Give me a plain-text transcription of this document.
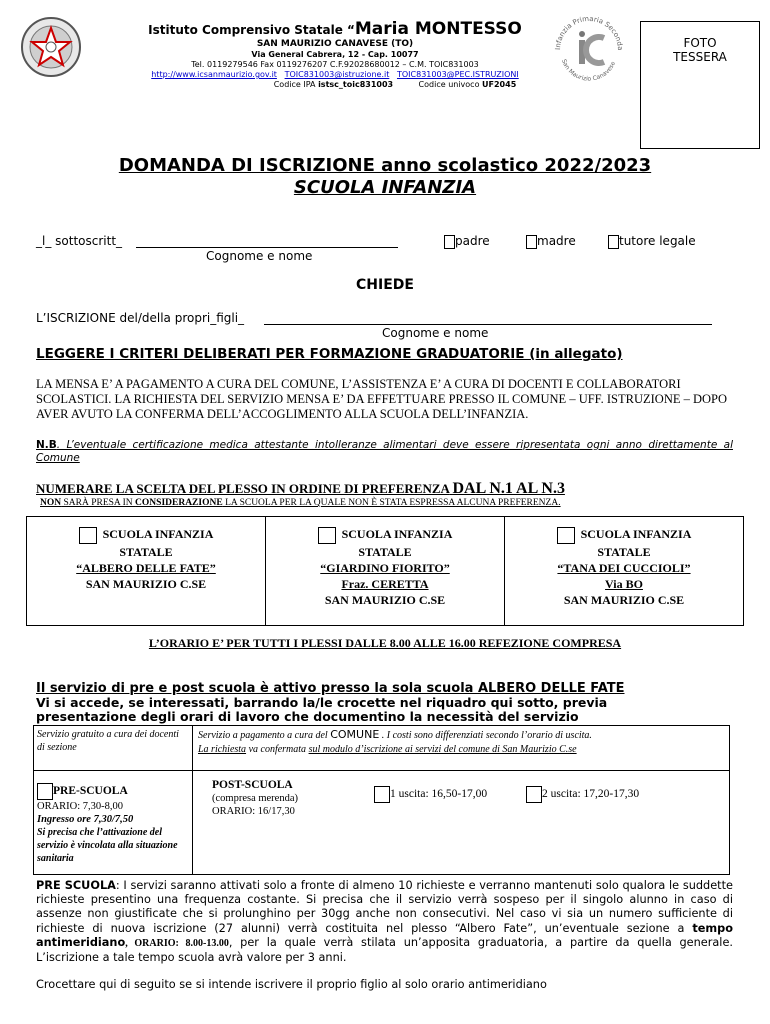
Istituto Comprensivo Statale “Maria MONTESSO
SAN MAURIZIO CANAVESE (TO)
Via General Cabrera, 12 - Cap. 10077
Tel. 0119279546 Fax 0119276207 C.F.92028680012 – C.M. TOIC831003
http://www.icsanmaurizio.gov.it TOIC831003@istruzione.it TOIC831003@PEC.ISTRUZIONI
Codice IPA istsc_toic831003	Codice univoco UF2045
Infanzia Primaria Seconda
San Maurizio Canavese
FOTO
TESSERA
DOMANDA DI ISCRIZIONE anno scolastico 2022/2023
SCUOLA INFANZIA
_l_ sottoscritt_
Cognome e nome
padre	madre	tutore legale
CHIEDE
L’ISCRIZIONE del/della propri_figli_
Cognome e nome
LEGGERE I CRITERI DELIBERATI PER FORMAZIONE GRADUATORIE (in allegato)
LA MENSA E’ A PAGAMENTO A CURA DEL COMUNE, L’ASSISTENZA E’ A CURA DI DOCENTI E COLLABORATORI SCOLASTICI. LA RICHIESTA DEL SERVIZIO MENSA E’ DA EFFETTUARE PRESSO IL COMUNE – UFF. ISTRUZIONE – DOPO AVER AVUTO LA CONFERMA DELL’ACCOGLIMENTO ALLA SCUOLA DELL’INFANZIA.
N.B. L’eventuale certificazione medica attestante intolleranze alimentari deve essere ripresentata ogni anno direttamente al Comune
NUMERARE LA SCELTA DEL PLESSO IN ORDINE DI PREFERENZA DAL N.1 AL N.3
NON SARÀ PRESA IN CONSIDERAZIONE LA SCUOLA PER LA QUALE NON È STATA ESPRESSA ALCUNA PREFERENZA.
SCUOLA INFANZIA
STATALE
“ALBERO DELLE FATE”
SAN MAURIZIO C.SE
SCUOLA INFANZIA
STATALE
“GIARDINO FIORITO”
Fraz. CERETTA
SAN MAURIZIO C.SE
SCUOLA INFANZIA
STATALE
“TANA DEI CUCCIOLI”
Via BO
SAN MAURIZIO C.SE
L’ORARIO E’ PER TUTTI I PLESSI DALLE 8.00 ALLE 16.00 REFEZIONE COMPRESA
Il servizio di pre e post scuola è attivo presso la sola scuola ALBERO DELLE FATE
Vi si accede, se interessati, barrando la/le crocette nel riquadro qui sotto, previa
presentazione degli orari di lavoro che documentino la necessità del servizio
Servizio gratuito a cura dei docenti di sezione
Servizio a pagamento a cura del COMUNE . I costi sono differenziati secondo l’orario di uscita.
La richiesta va confermata sul modulo d’iscrizione ai servizi del comune di San Maurizio C.se
PRE-SCUOLA
ORARIO: 7,30-8,00
Ingresso ore 7,30/7,50
Si precisa che l’attivazione del servizio è vincolata alla situazione sanitaria
POST-SCUOLA
(compresa merenda)
ORARIO: 16/17,30
1 uscita: 16,50-17,00	2 uscita: 17,20-17,30
PRE SCUOLA: I servizi saranno attivati solo a fronte di almeno 10 richieste e verranno mantenuti solo qualora le suddette richieste presentino una frequenza costante. Si precisa che il servizio verrà sospeso per il singolo alunno in caso di assenze non giustificate che si prolunghino per 30gg anche non consecutivi. Nel caso vi sia un numero sufficiente di richieste di nuova iscrizione (27 alunni) verrà costituita nel plesso “Albero Fate”, un’eventuale sezione a tempo antimeridiano, ORARIO: 8.00-13.00, per la quale verrà stilata un’apposita graduatoria, a partire da quella generale. L’iscrizione a tale tempo scuola avrà valore per 3 anni.
Crocettare qui di seguito se si intende iscrivere il proprio figlio al solo orario antimeridiano
